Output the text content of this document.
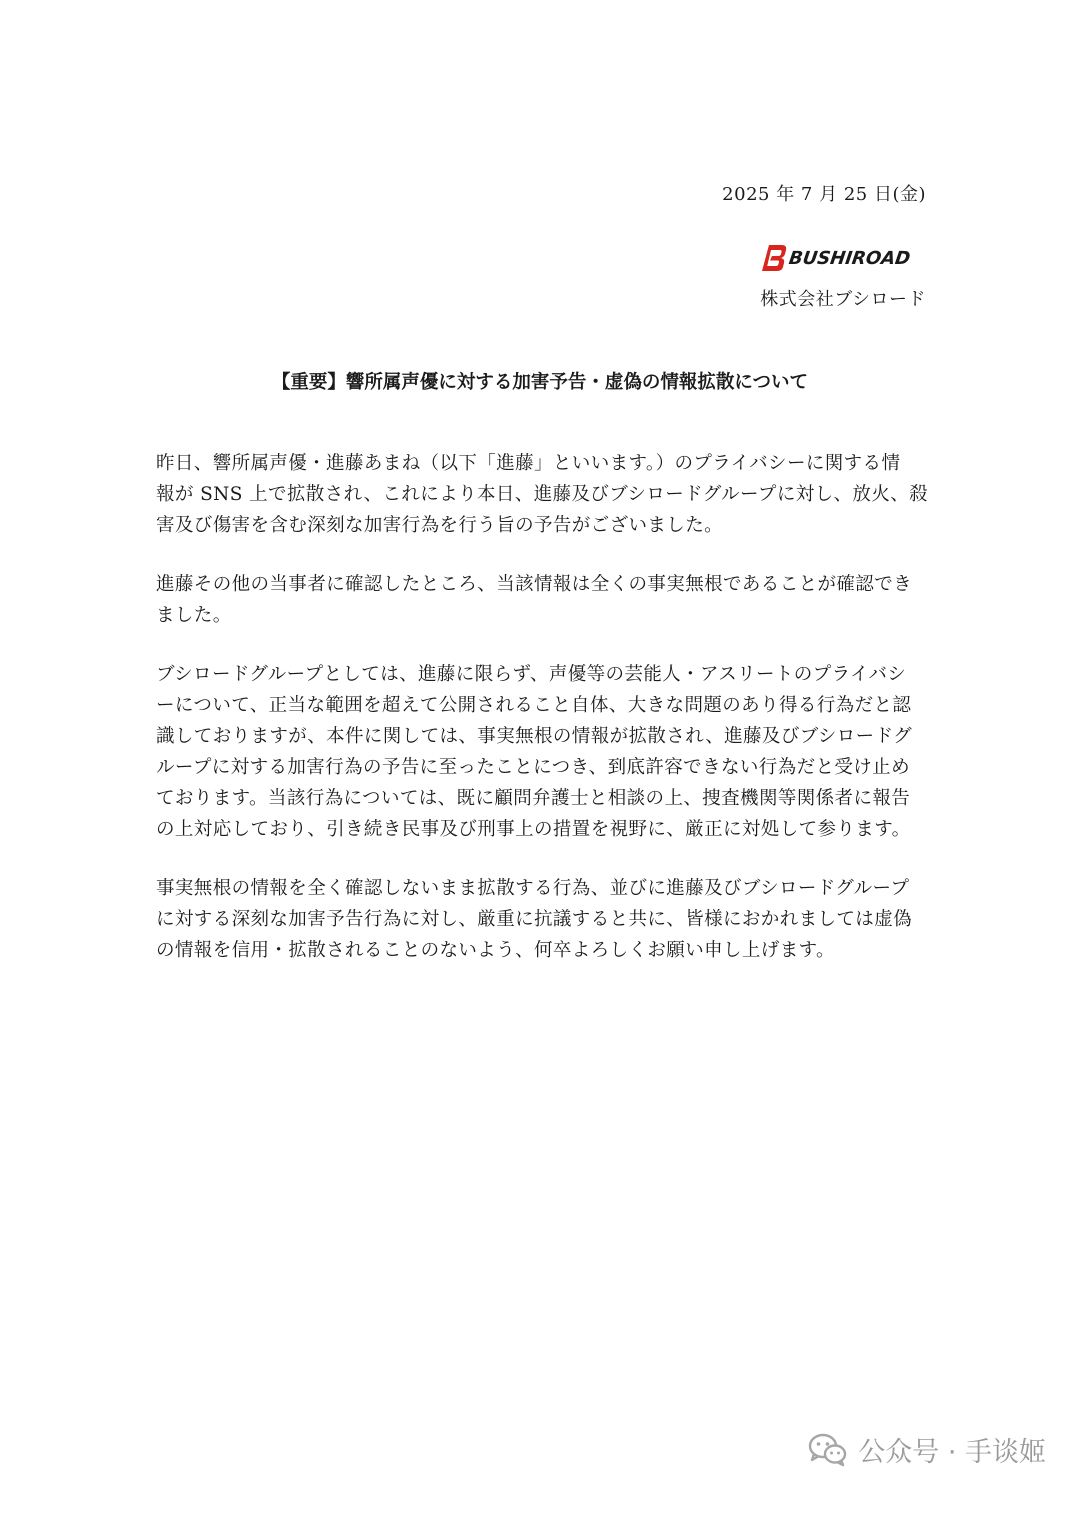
2025 年 7 月 25 日(金)
BUSHIROAD
株式会社ブシロード
【重要】響所属声優に対する加害予告・虚偽の情報拡散について
昨日、響所属声優・進藤あまね（以下「進藤」といいます。）のプライバシーに関する情
報が SNS 上で拡散され、これにより本日、進藤及びブシロードグループに対し、放火、殺
害及び傷害を含む深刻な加害行為を行う旨の予告がございました。
進藤その他の当事者に確認したところ、当該情報は全くの事実無根であることが確認でき
ました。
ブシロードグループとしては、進藤に限らず、声優等の芸能人・アスリートのプライバシ
ーについて、正当な範囲を超えて公開されること自体、大きな問題のあり得る行為だと認
識しておりますが、本件に関しては、事実無根の情報が拡散され、進藤及びブシロードグ
ループに対する加害行為の予告に至ったことにつき、到底許容できない行為だと受け止め
ております。当該行為については、既に顧問弁護士と相談の上、捜査機関等関係者に報告
の上対応しており、引き続き民事及び刑事上の措置を視野に、厳正に対処して参ります。
事実無根の情報を全く確認しないまま拡散する行為、並びに進藤及びブシロードグループ
に対する深刻な加害予告行為に対し、厳重に抗議すると共に、皆様におかれましては虚偽
の情報を信用・拡散されることのないよう、何卒よろしくお願い申し上げます。
公众号 · 手谈姬
